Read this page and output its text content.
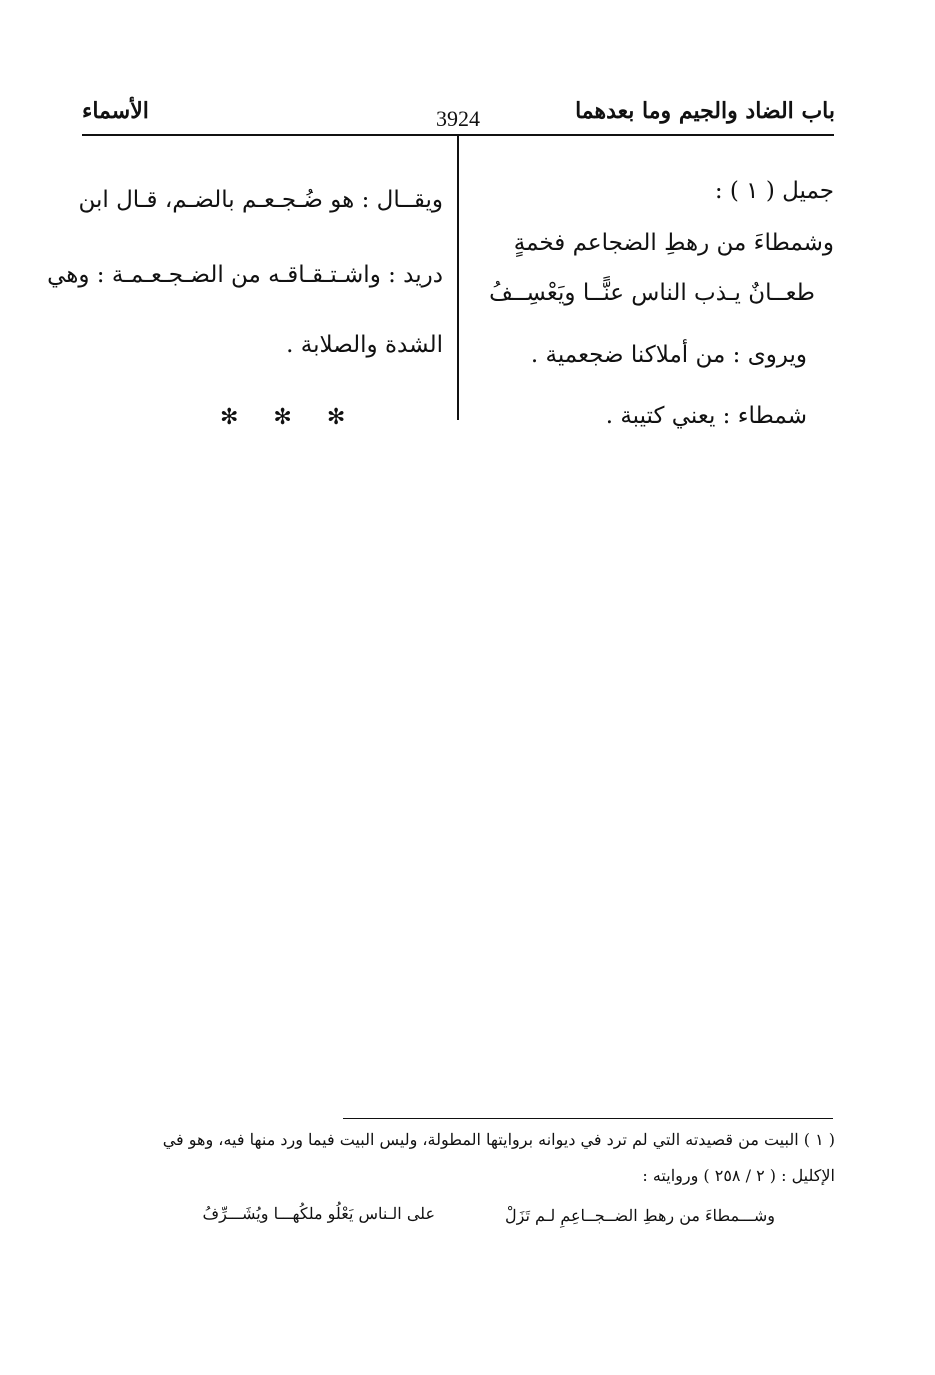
باب الضاد والجيم وما بعدهما
3924
الأسماء
جميل ( ١ ) :
وشمطاءَ من رهطِ الضجاعم فخمةٍ
طعــانٌ يـذب الناس عنًّــا ويَعْسِــفُ
ويروى : من أملاكنا ضجعمية .
شمطاء : يعني كتيبة .
ويقــال : هو ضُـجـعـم بالضـم، قـال ابن
دريد : واشـتـقـاقـه من الضـجـعـمـة : وهي
الشدة والصلابة .
✻ ✻ ✻
( ١ ) البيت من قصيدته التي لم ترد في ديوانه بروايتها المطولة، وليس البيت فيما ورد منها فيه، وهو في
الإكليل : ( ٢ / ٢٥٨ ) وروايته :
وشـــمطاءَ من رهطِ الضــجــاعِمِ لـم تَزَلْ
على الـناس يَعْلُو ملكُهـــا ويُشَـــرِّفُ
